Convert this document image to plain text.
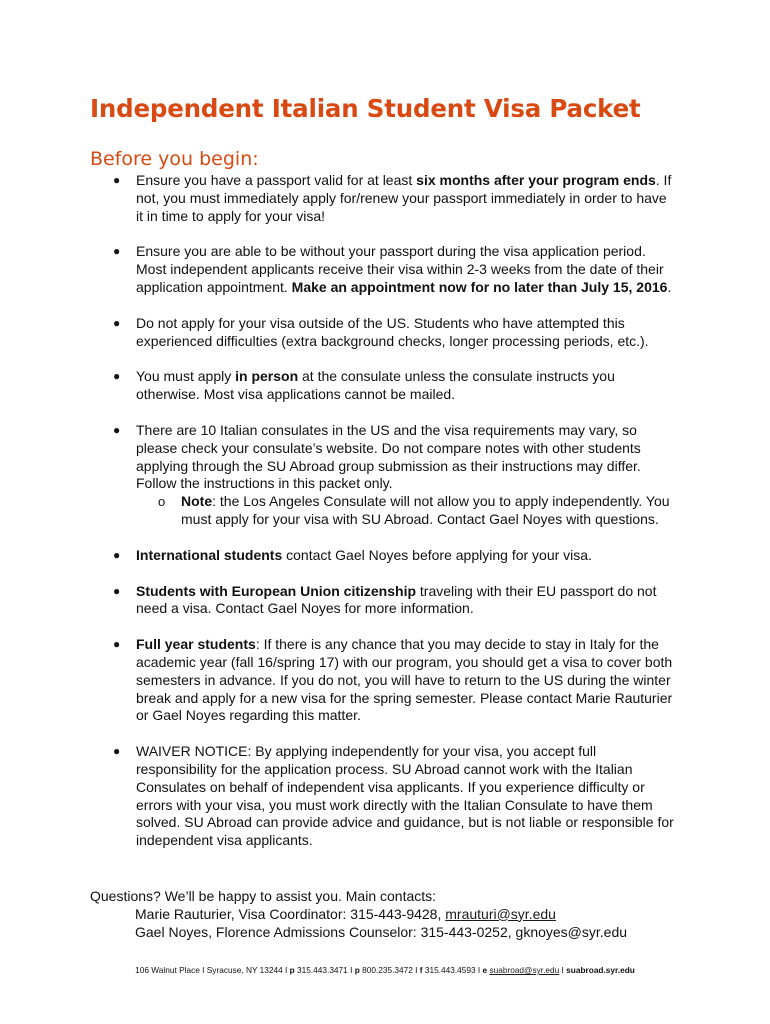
Independent Italian Student Visa Packet
Before you begin:
● Ensure you have a passport valid for at least six months after your program ends. If not, you must immediately apply for/renew your passport immediately in order to have it in time to apply for your visa!
● Ensure you are able to be without your passport during the visa application period. Most independent applicants receive their visa within 2-3 weeks from the date of their application appointment. Make an appointment now for no later than July 15, 2016.
● Do not apply for your visa outside of the US. Students who have attempted this experienced difficulties (extra background checks, longer processing periods, etc.).
● You must apply in person at the consulate unless the consulate instructs you otherwise. Most visa applications cannot be mailed.
● There are 10 Italian consulates in the US and the visa requirements may vary, so please check your consulate’s website. Do not compare notes with other students applying through the SU Abroad group submission as their instructions may differ. Follow the instructions in this packet only.
o Note: the Los Angeles Consulate will not allow you to apply independently. You must apply for your visa with SU Abroad. Contact Gael Noyes with questions.
● International students contact Gael Noyes before applying for your visa.
● Students with European Union citizenship traveling with their EU passport do not need a visa. Contact Gael Noyes for more information.
● Full year students: If there is any chance that you may decide to stay in Italy for the academic year (fall 16/spring 17) with our program, you should get a visa to cover both semesters in advance. If you do not, you will have to return to the US during the winter break and apply for a new visa for the spring semester. Please contact Marie Rauturier or Gael Noyes regarding this matter.
● WAIVER NOTICE: By applying independently for your visa, you accept full responsibility for the application process. SU Abroad cannot work with the Italian Consulates on behalf of independent visa applicants. If you experience difficulty or errors with your visa, you must work directly with the Italian Consulate to have them solved. SU Abroad can provide advice and guidance, but is not liable or responsible for independent visa applicants.
Questions? We’ll be happy to assist you. Main contacts:
Marie Rauturier, Visa Coordinator: 315-443-9428, mrauturi@syr.edu
Gael Noyes, Florence Admissions Counselor: 315-443-0252, gknoyes@syr.edu
106 Walnut Place I Syracuse, NY 13244 I p 315.443.3471 I p 800.235.3472 I f 315.443.4593 I e suabroad@syr.edu I suabroad.syr.edu
